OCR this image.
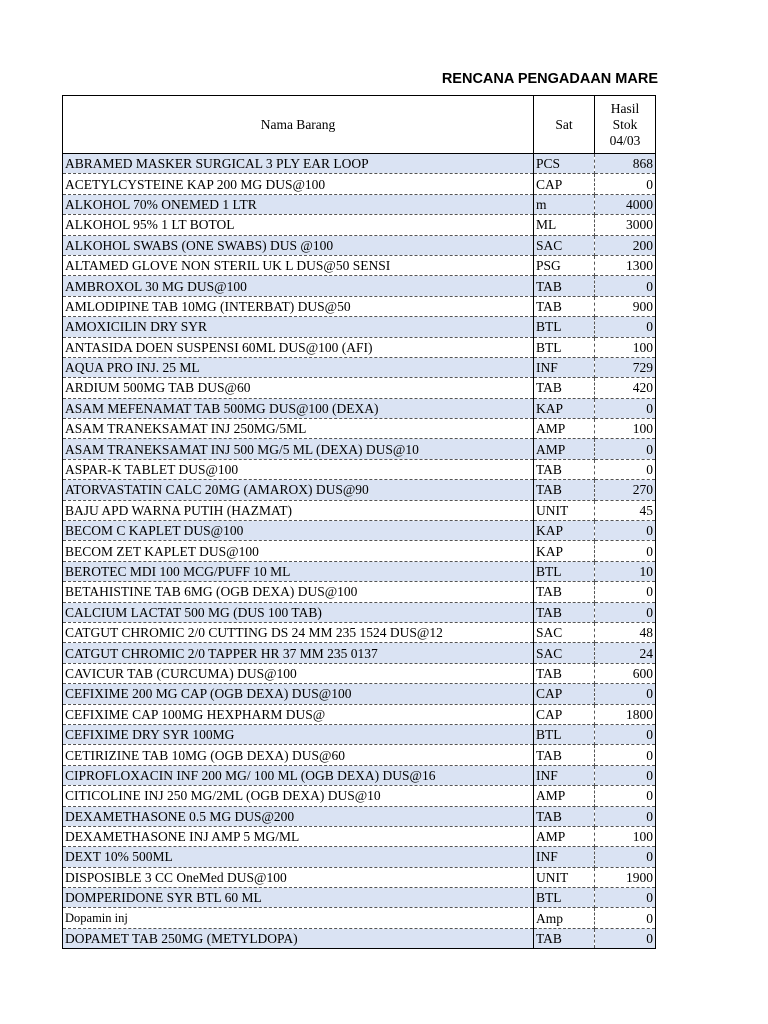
RENCANA PENGADAAN MARE
Nama Barang	Sat	Hasil
Stok
04/03
ABRAMED MASKER SURGICAL 3 PLY EAR LOOP	PCS	868
ACETYLCYSTEINE KAP 200 MG DUS@100	CAP	0
ALKOHOL 70% ONEMED 1 LTR	m	4000
ALKOHOL 95% 1 LT BOTOL	ML	3000
ALKOHOL SWABS (ONE SWABS) DUS @100	SAC	200
ALTAMED GLOVE NON STERIL UK L DUS@50 SENSI	PSG	1300
AMBROXOL 30 MG DUS@100	TAB	0
AMLODIPINE TAB 10MG (INTERBAT) DUS@50	TAB	900
AMOXICILIN DRY SYR	BTL	0
ANTASIDA DOEN SUSPENSI 60ML DUS@100 (AFI)	BTL	100
AQUA PRO INJ. 25 ML	INF	729
ARDIUM 500MG TAB DUS@60	TAB	420
ASAM MEFENAMAT TAB 500MG DUS@100 (DEXA)	KAP	0
ASAM TRANEKSAMAT INJ 250MG/5ML	AMP	100
ASAM TRANEKSAMAT INJ 500 MG/5 ML (DEXA) DUS@10	AMP	0
ASPAR-K TABLET DUS@100	TAB	0
ATORVASTATIN CALC 20MG (AMAROX) DUS@90	TAB	270
BAJU APD WARNA PUTIH (HAZMAT)	UNIT	45
BECOM C KAPLET DUS@100	KAP	0
BECOM ZET KAPLET DUS@100	KAP	0
BEROTEC MDI 100 MCG/PUFF 10 ML	BTL	10
BETAHISTINE TAB 6MG (OGB DEXA) DUS@100	TAB	0
CALCIUM LACTAT 500 MG (DUS 100 TAB)	TAB	0
CATGUT CHROMIC 2/0 CUTTING DS 24 MM 235 1524 DUS@12	SAC	48
CATGUT CHROMIC 2/0 TAPPER HR 37 MM 235 0137	SAC	24
CAVICUR TAB (CURCUMA) DUS@100	TAB	600
CEFIXIME 200 MG CAP (OGB DEXA) DUS@100	CAP	0
CEFIXIME CAP 100MG HEXPHARM DUS@	CAP	1800
CEFIXIME DRY SYR 100MG	BTL	0
CETIRIZINE TAB 10MG (OGB DEXA) DUS@60	TAB	0
CIPROFLOXACIN INF 200 MG/ 100 ML (OGB DEXA) DUS@16	INF	0
CITICOLINE INJ 250 MG/2ML (OGB DEXA) DUS@10	AMP	0
DEXAMETHASONE 0.5 MG DUS@200	TAB	0
DEXAMETHASONE INJ AMP 5 MG/ML	AMP	100
DEXT 10% 500ML	INF	0
DISPOSIBLE 3 CC OneMed DUS@100	UNIT	1900
DOMPERIDONE SYR BTL 60 ML	BTL	0
Dopamin inj	Amp	0
DOPAMET TAB 250MG (METYLDOPA)	TAB	0
